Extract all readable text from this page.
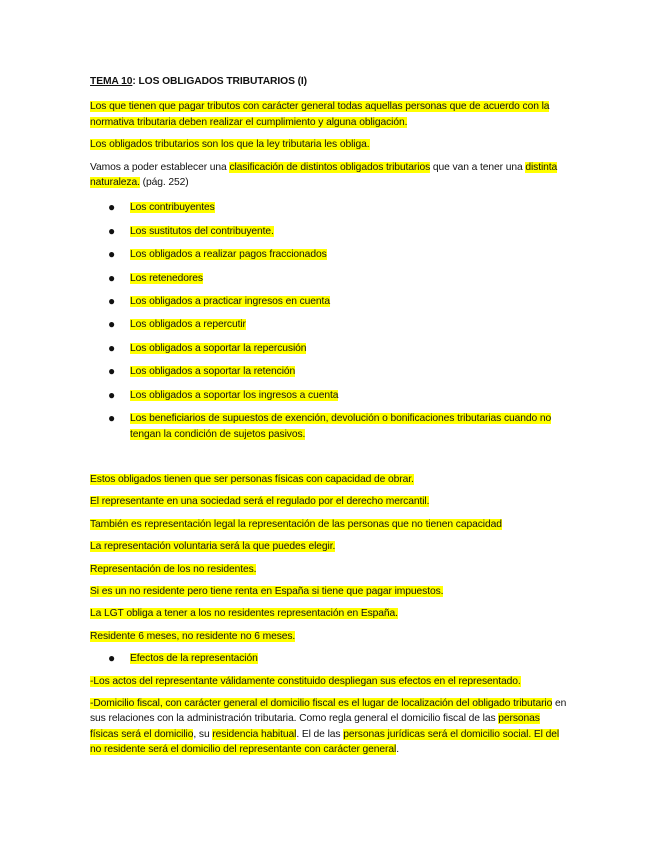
TEMA 10: LOS OBLIGADOS TRIBUTARIOS (I)

Los que tienen que pagar tributos con carácter general todas aquellas personas que de acuerdo con la normativa tributaria deben realizar el cumplimiento y alguna obligación.

Los obligados tributarios son los que la ley tributaria les obliga.

Vamos a poder establecer una clasificación de distintos obligados tributarios que van a tener una distinta naturaleza. (pág. 252)

● Los contribuyentes
● Los sustitutos del contribuyente.
● Los obligados a realizar pagos fraccionados
● Los retenedores
● Los obligados a practicar ingresos en cuenta
● Los obligados a repercutir
● Los obligados a soportar la repercusión
● Los obligados a soportar la retención
● Los obligados a soportar los ingresos a cuenta
● Los beneficiarios de supuestos de exención, devolución o bonificaciones tributarias cuando no tengan la condición de sujetos pasivos.

Estos obligados tienen que ser personas físicas con capacidad de obrar.

El representante en una sociedad será el regulado por el derecho mercantil.

También es representación legal la representación de las personas que no tienen capacidad

La representación voluntaria será la que puedes elegir.

Representación de los no residentes.

Si es un no residente pero tiene renta en España si tiene que pagar impuestos.

La LGT obliga a tener a los no residentes representación en España.

Residente 6 meses, no residente no 6 meses.

● Efectos de la representación

-Los actos del representante válidamente constituido despliegan sus efectos en el representado.

-Domicilio fiscal, con carácter general el domicilio fiscal es el lugar de localización del obligado tributario en sus relaciones con la administración tributaria. Como regla general el domicilio fiscal de las personas físicas será el domicilio, su residencia habitual. El de las personas jurídicas será el domicilio social. El del no residente será el domicilio del representante con carácter general.
